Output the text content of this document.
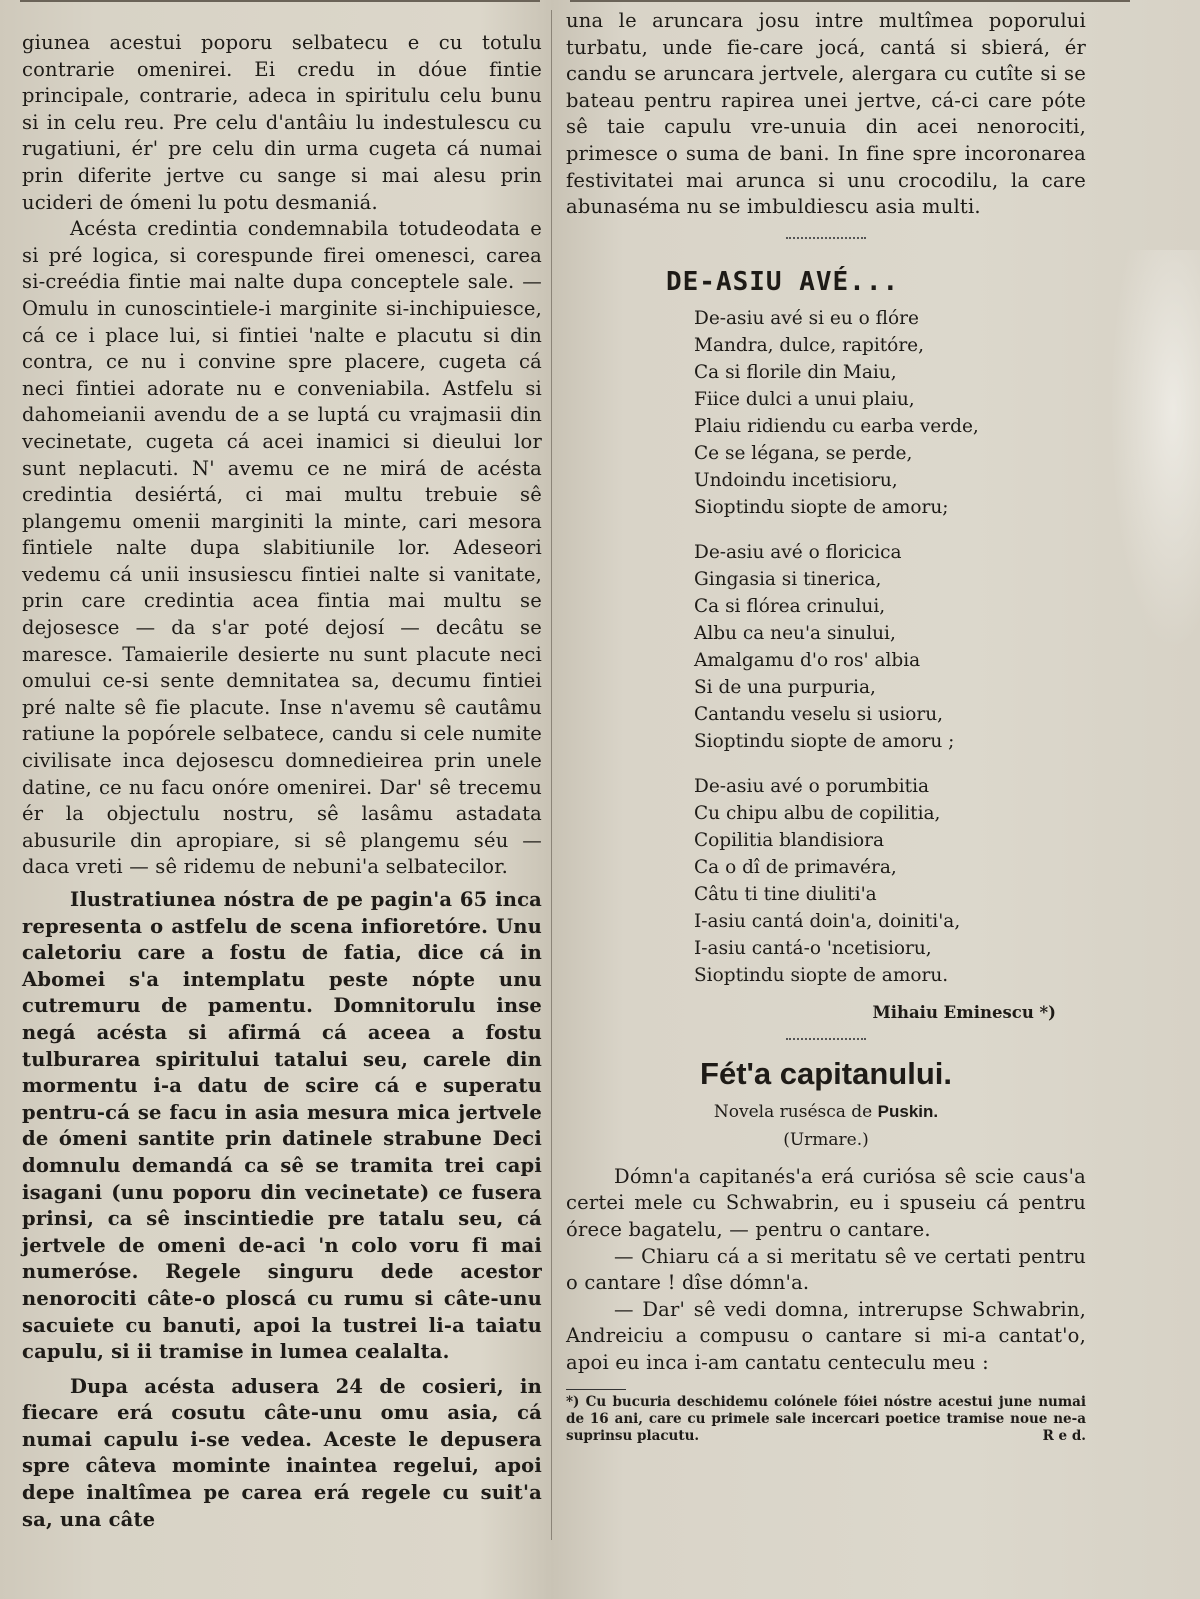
giunea acestui poporu selbatecu e cu totulu contrarie omenirei. Ei credu in dóue fintie principale, contrarie, adeca in spiritulu celu bunu si in celu reu. Pre celu d'antâiu lu indestulescu cu rugatiuni, ér' pre celu din urma cugeta cá numai prin diferite jertve cu sange si mai alesu prin ucideri de ómeni lu potu desmaniá.

Acésta credintia condemnabila totudeodata e si pré logica, si corespunde firei omenesci, carea si-creédia fintie mai nalte dupa conceptele sale. — Omulu in cunoscintiele-i marginite si-inchipuiesce, cá ce i place lui, si fintiei 'nalte e placutu si din contra, ce nu i convine spre placere, cugeta cá neci fintiei adorate nu e conveniabila. Astfelu si dahomeianii avendu de a se luptá cu vrajmasii din vecinetate, cugeta cá acei inamici si dieului lor sunt neplacuti. N' avemu ce ne mirá de acésta credintia desiértá, ci mai multu trebuie sê plangemu omenii marginiti la minte, cari mesora fintiele nalte dupa slabitiunile lor. Adeseori vedemu cá unii insusiescu fintiei nalte si vanitate, prin care credintia acea fintia mai multu se dejosesce — da s'ar poté dejosí — decâtu se maresce. Tamaierile desierte nu sunt placute neci omului ce-si sente demnitatea sa, decumu fintiei pré nalte sê fie placute. Inse n'avemu sê cautâmu ratiune la popórele selbatece, candu si cele numite civilisate inca dejosescu domnedieirea prin unele datine, ce nu facu onóre omenirei. Dar' sê trecemu ér la objectulu nostru, sê lasâmu astadata abusurile din apropiare, si sê plangemu séu — daca vreti — sê ridemu de nebuni'a selbatecilor.

Ilustratiunea nóstra de pe pagin'a 65 inca representa o astfelu de scena infioretóre. Unu caletoriu care a fostu de fatia, dice cá in Abomei s'a intemplatu peste nópte unu cutremuru de pamentu. Domnitorulu inse negá acésta si afirmá cá aceea a fostu tulburarea spiritului tatalui seu, carele din mormentu i-a datu de scire cá e superatu pentru-cá se facu in asia mesura mica jertvele de ómeni santite prin datinele strabune Deci domnulu demandá ca sê se tramita trei capi isagani (unu poporu din vecinetate) ce fusera prinsi, ca sê inscintiedie pre tatalu seu, cá jertvele de omeni de-aci 'n colo voru fi mai numeróse. Regele singuru dede acestor nenorociti câte-o ploscá cu rumu si câte-unu sacuiete cu banuti, apoi la tustrei li-a taiatu capulu, si ii tramise in lumea cealalta.

Dupa acésta adusera 24 de cosieri, in fiecare erá cosutu câte-unu omu asia, cá numai capulu i-se vedea. Aceste le depusera spre câteva mominte inaintea regelui, apoi depe inaltîmea pe carea erá regele cu suit'a sa, una câte

una le aruncara josu intre multîmea poporului turbatu, unde fie-care jocá, cantá si sbierá, ér candu se aruncara jertvele, alergara cu cutîte si se bateau pentru rapirea unei jertve, cá-ci care póte sê taie capulu vre-unuia din acei nenorociti, primesce o suma de bani. In fine spre incoronarea festivitatei mai arunca si unu crocodilu, la care abunaséma nu se imbuldiescu asia multi.

DE-ASIU AVÉ...
De-asiu avé si eu o flóre
Mandra, dulce, rapitóre,
Ca si florile din Maiu,
Fiice dulci a unui plaiu,
Plaiu ridiendu cu earba verde,
Ce se légana, se perde,
Undoindu incetisioru,
Sioptindu siopte de amoru;
De-asiu avé o floricica
Gingasia si tinerica,
Ca si flórea crinului,
Albu ca neu'a sinului,
Amalgamu d'o ros' albia
Si de una purpuria,
Cantandu veselu si usioru,
Sioptindu siopte de amoru ;
De-asiu avé o porumbitia
Cu chipu albu de copilitia,
Copilitia blandisiora
Ca o dî de primavéra,
Câtu ti tine diuliti'a
I-asiu cantá doin'a, doiniti'a,
I-asiu cantá-o 'ncetisioru,
Sioptindu siopte de amoru.
Mihaiu Eminescu *)
Fét'a capitanului.
Novela rusésca de Puskin.
(Urmare.)

Dómn'a capitanés'a erá curiósa sê scie caus'a certei mele cu Schwabrin, eu i spuseiu cá pentru órece bagatelu, — pentru o cantare.

— Chiaru cá a si meritatu sê ve certati pentru o cantare ! dîse dómn'a.

— Dar' sê vedi domna, intrerupse Schwabrin, Andreiciu a compusu o cantare si mi-a cantat'o, apoi eu inca i-am cantatu centeculu meu :

*) Cu bucuria deschidemu colónele fóiei nóstre acestui june numai de 16 ani, care cu primele sale incercari poetice tramise noue ne-a suprinsu placutu.	R e d.
